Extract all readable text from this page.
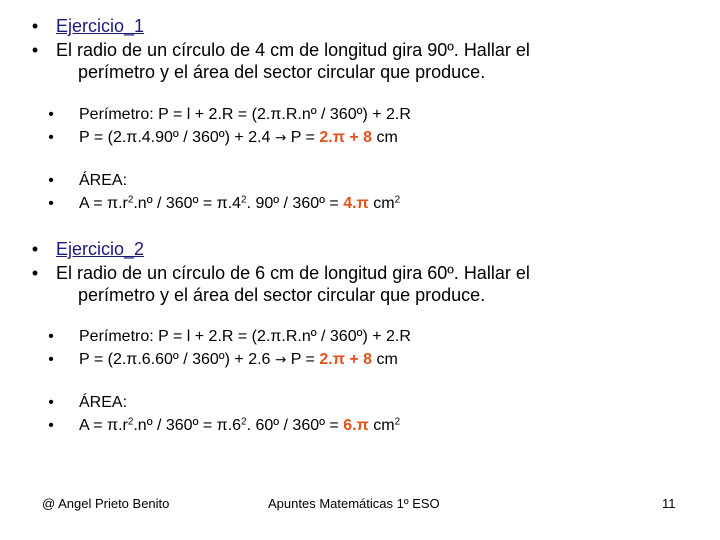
• Ejercicio_1
• El radio de un círculo de 4 cm de longitud gira 90º. Hallar el
perímetro y el área del sector circular que produce.
• Perímetro: P = l + 2.R = (2.π.R.nº / 360º) + 2.R
• P = (2.π.4.90º / 360º) + 2.4 → P = 2.π + 8 cm
• ÁREA:
• $A = \pi.r^2.nº$ / 360º = $\pi.4^2$. 90º / 360º = 4.π $cm^2$
• Ejercicio_2
• El radio de un círculo de 6 cm de longitud gira 60º. Hallar el
perímetro y el área del sector circular que produce.
• Perímetro: P = l + 2.R = (2.π.R.nº / 360º) + 2.R
• P = (2.π.6.60º / 360º) + 2.6 → P = 2.π + 8 cm
• ÁREA:
• $A = \pi.r^2.nº$ / 360º = $\pi.6^2$. 60º / 360º = 6.π $cm^2$
@ Angel Prieto Benito	Apuntes Matemáticas 1º ESO	11
